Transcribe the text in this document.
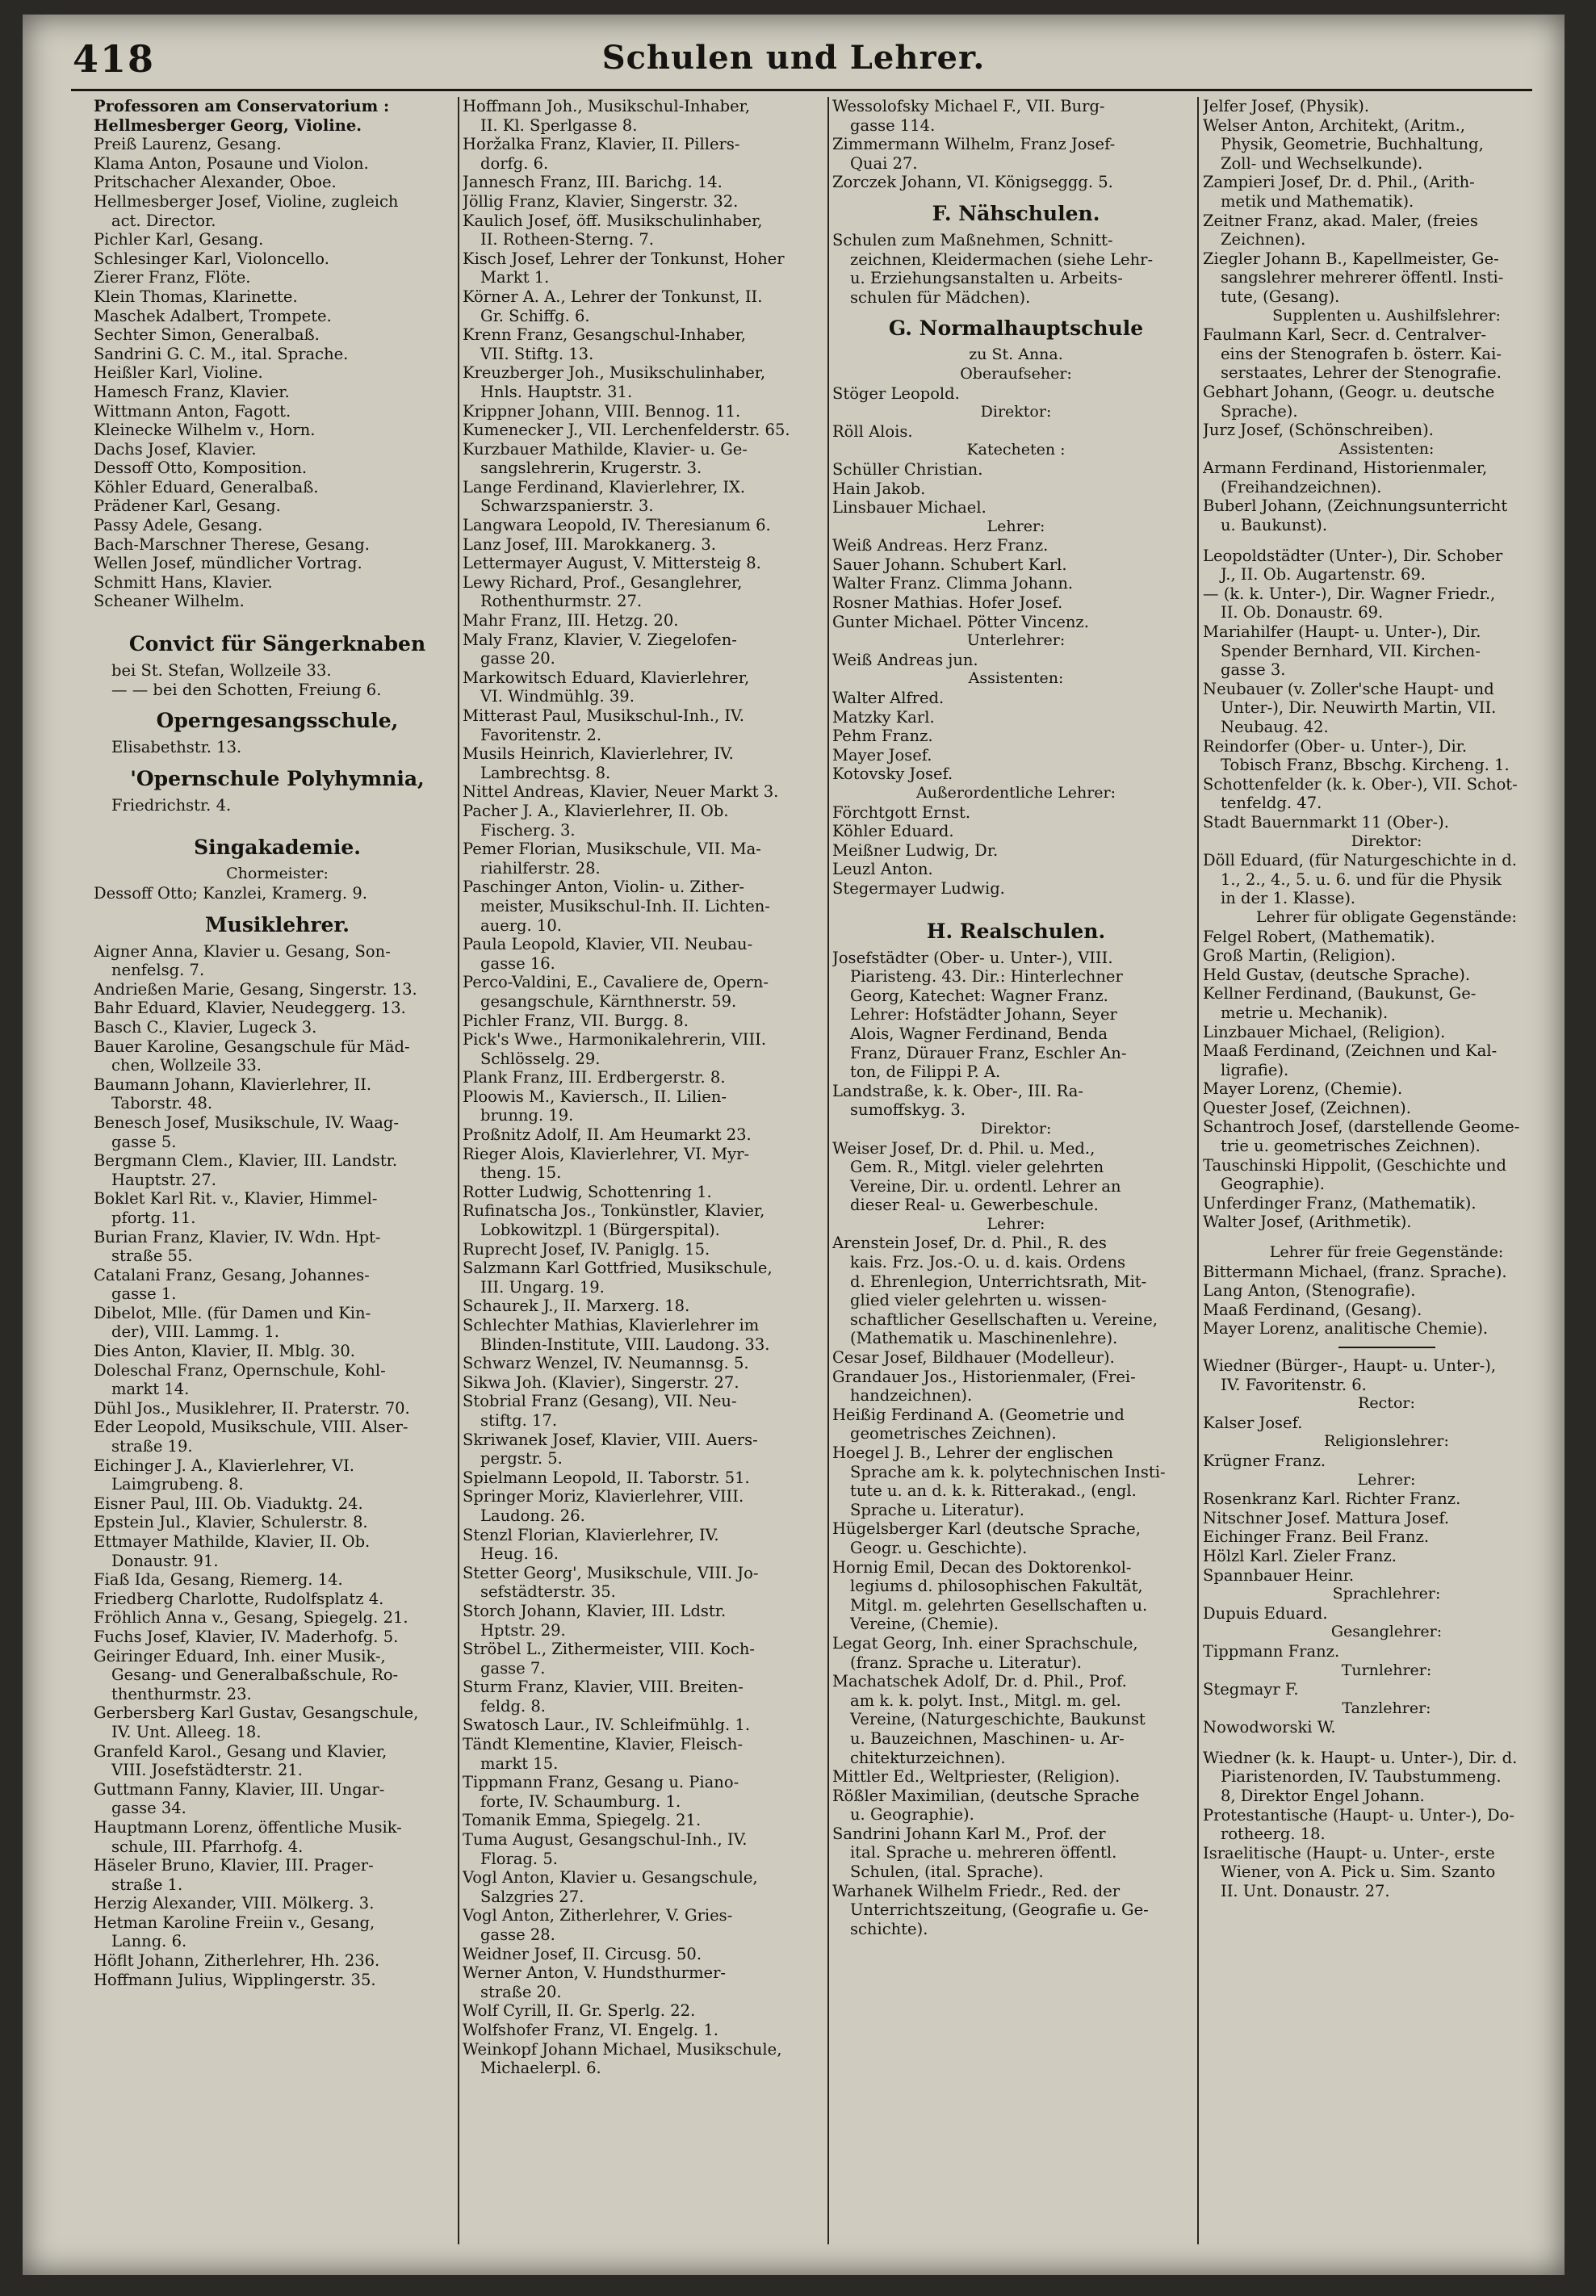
418	Schulen und Lehrer.
Professoren am Conservatorium :
Hellmesberger Georg, Violine.
Preiß Laurenz, Gesang.
Klama Anton, Posaune und Violon.
Pritschacher Alexander, Oboe.
Hellmesberger Josef, Violine, zugleich
act. Director.
Pichler Karl, Gesang.
Schlesinger Karl, Violoncello.
Zierer Franz, Flöte.
Klein Thomas, Klarinette.
Maschek Adalbert, Trompete.
Sechter Simon, Generalbaß.
Sandrini G. C. M., ital. Sprache.
Heißler Karl, Violine.
Hamesch Franz, Klavier.
Wittmann Anton, Fagott.
Kleinecke Wilhelm v., Horn.
Dachs Josef, Klavier.
Dessoff Otto, Komposition.
Köhler Eduard, Generalbaß.
Prädener Karl, Gesang.
Passy Adele, Gesang.
Bach-Marschner Therese, Gesang.
Wellen Josef, mündlicher Vortrag.
Schmitt Hans, Klavier.
Scheaner Wilhelm.
Convict für Sängerknaben
bei St. Stefan, Wollzeile 33.
— — bei den Schotten, Freiung 6.
Operngesangsschule,
Elisabethstr. 13.
'Opernschule Polyhymnia,
Friedrichstr. 4.
Singakademie.
Chormeister:
Dessoff Otto; Kanzlei, Kramerg. 9.
Musiklehrer.
Aigner Anna, Klavier u. Gesang, Son-
nenfelsg. 7.
Andrießen Marie, Gesang, Singerstr. 13.
Bahr Eduard, Klavier, Neudeggerg. 13.
Basch C., Klavier, Lugeck 3.
Bauer Karoline, Gesangschule für Mäd-
chen, Wollzeile 33.
Baumann Johann, Klavierlehrer, II.
Taborstr. 48.
Benesch Josef, Musikschule, IV. Waag-
gasse 5.
Bergmann Clem., Klavier, III. Landstr.
Hauptstr. 27.
Boklet Karl Rit. v., Klavier, Himmel-
pfortg. 11.
Burian Franz, Klavier, IV. Wdn. Hpt-
straße 55.
Catalani Franz, Gesang, Johannes-
gasse 1.
Dibelot, Mlle. (für Damen und Kin-
der), VIII. Lammg. 1.
Dies Anton, Klavier, II. Mblg. 30.
Doleschal Franz, Opernschule, Kohl-
markt 14.
Dühl Jos., Musiklehrer, II. Praterstr. 70.
Eder Leopold, Musikschule, VIII. Alser-
straße 19.
Eichinger J. A., Klavierlehrer, VI.
Laimgrubeng. 8.
Eisner Paul, III. Ob. Viaduktg. 24.
Epstein Jul., Klavier, Schulerstr. 8.
Ettmayer Mathilde, Klavier, II. Ob.
Donaustr. 91.
Fiaß Ida, Gesang, Riemerg. 14.
Friedberg Charlotte, Rudolfsplatz 4.
Fröhlich Anna v., Gesang, Spiegelg. 21.
Fuchs Josef, Klavier, IV. Maderhofg. 5.
Geiringer Eduard, Inh. einer Musik-,
Gesang- und Generalbaßschule, Ro-
thenthurmstr. 23.
Gerbersberg Karl Gustav, Gesangschule,
IV. Unt. Alleeg. 18.
Granfeld Karol., Gesang und Klavier,
VIII. Josefstädterstr. 21.
Guttmann Fanny, Klavier, III. Ungar-
gasse 34.
Hauptmann Lorenz, öffentliche Musik-
schule, III. Pfarrhofg. 4.
Häseler Bruno, Klavier, III. Prager-
straße 1.
Herzig Alexander, VIII. Mölkerg. 3.
Hetman Karoline Freiin v., Gesang,
Lanng. 6.
Höflt Johann, Zitherlehrer, Hh. 236.
Hoffmann Julius, Wipplingerstr. 35.
Hoffmann Joh., Musikschul-Inhaber,
II. Kl. Sperlgasse 8.
Horžalka Franz, Klavier, II. Pillers-
dorfg. 6.
Jannesch Franz, III. Barichg. 14.
Jöllig Franz, Klavier, Singerstr. 32.
Kaulich Josef, öff. Musikschulinhaber,
II. Rotheen-Sterng. 7.
Kisch Josef, Lehrer der Tonkunst, Hoher
Markt 1.
Körner A. A., Lehrer der Tonkunst, II.
Gr. Schiffg. 6.
Krenn Franz, Gesangschul-Inhaber,
VII. Stiftg. 13.
Kreuzberger Joh., Musikschulinhaber,
Hnls. Hauptstr. 31.
Krippner Johann, VIII. Bennog. 11.
Kumenecker J., VII. Lerchenfelderstr. 65.
Kurzbauer Mathilde, Klavier- u. Ge-
sangslehrerin, Krugerstr. 3.
Lange Ferdinand, Klavierlehrer, IX.
Schwarzspanierstr. 3.
Langwara Leopold, IV. Theresianum 6.
Lanz Josef, III. Marokkanerg. 3.
Lettermayer August, V. Mittersteig 8.
Lewy Richard, Prof., Gesanglehrer,
Rothenthurmstr. 27.
Mahr Franz, III. Hetzg. 20.
Maly Franz, Klavier, V. Ziegelofen-
gasse 20.
Markowitsch Eduard, Klavierlehrer,
VI. Windmühlg. 39.
Mitterast Paul, Musikschul-Inh., IV.
Favoritenstr. 2.
Musils Heinrich, Klavierlehrer, IV.
Lambrechtsg. 8.
Nittel Andreas, Klavier, Neuer Markt 3.
Pacher J. A., Klavierlehrer, II. Ob.
Fischerg. 3.
Pemer Florian, Musikschule, VII. Ma-
riahilferstr. 28.
Paschinger Anton, Violin- u. Zither-
meister, Musikschul-Inh. II. Lichten-
auerg. 10.
Paula Leopold, Klavier, VII. Neubau-
gasse 16.
Perco-Valdini, E., Cavaliere de, Opern-
gesangschule, Kärnthnerstr. 59.
Pichler Franz, VII. Burgg. 8.
Pick's Wwe., Harmonikalehrerin, VIII.
Schlösselg. 29.
Plank Franz, III. Erdbergerstr. 8.
Ploowis M., Kaviersch., II. Lilien-
brunng. 19.
Proßnitz Adolf, II. Am Heumarkt 23.
Rieger Alois, Klavierlehrer, VI. Myr-
theng. 15.
Rotter Ludwig, Schottenring 1.
Rufinatscha Jos., Tonkünstler, Klavier,
Lobkowitzpl. 1 (Bürgerspital).
Ruprecht Josef, IV. Paniglg. 15.
Salzmann Karl Gottfried, Musikschule,
III. Ungarg. 19.
Schaurek J., II. Marxerg. 18.
Schlechter Mathias, Klavierlehrer im
Blinden-Institute, VIII. Laudong. 33.
Schwarz Wenzel, IV. Neumannsg. 5.
Sikwa Joh. (Klavier), Singerstr. 27.
Stobrial Franz (Gesang), VII. Neu-
stiftg. 17.
Skriwanek Josef, Klavier, VIII. Auers-
pergstr. 5.
Spielmann Leopold, II. Taborstr. 51.
Springer Moriz, Klavierlehrer, VIII.
Laudong. 26.
Stenzl Florian, Klavierlehrer, IV.
Heug. 16.
Stetter Georg', Musikschule, VIII. Jo-
sefstädterstr. 35.
Storch Johann, Klavier, III. Ldstr.
Hptstr. 29.
Ströbel L., Zithermeister, VIII. Koch-
gasse 7.
Sturm Franz, Klavier, VIII. Breiten-
feldg. 8.
Swatosch Laur., IV. Schleifmühlg. 1.
Tändt Klementine, Klavier, Fleisch-
markt 15.
Tippmann Franz, Gesang u. Piano-
forte, IV. Schaumburg. 1.
Tomanik Emma, Spiegelg. 21.
Tuma August, Gesangschul-Inh., IV.
Florag. 5.
Vogl Anton, Klavier u. Gesangschule,
Salzgries 27.
Vogl Anton, Zitherlehrer, V. Gries-
gasse 28.
Weidner Josef, II. Circusg. 50.
Werner Anton, V. Hundsthurmer-
straße 20.
Wolf Cyrill, II. Gr. Sperlg. 22.
Wolfshofer Franz, VI. Engelg. 1.
Weinkopf Johann Michael, Musikschule,
Michaelerpl. 6.
Wessolofsky Michael F., VII. Burg-
gasse 114.
Zimmermann Wilhelm, Franz Josef-
Quai 27.
Zorczek Johann, VI. Königseggg. 5.
F. Nähschulen.
Schulen zum Maßnehmen, Schnitt-
zeichnen, Kleidermachen (siehe Lehr-
u. Erziehungsanstalten u. Arbeits-
schulen für Mädchen).
G. Normalhauptschule
zu St. Anna.
Oberaufseher:
Stöger Leopold.
Direktor:
Röll Alois.
Katecheten :
Schüller Christian.
Hain Jakob.
Linsbauer Michael.
Lehrer:
Weiß Andreas. Herz Franz.
Sauer Johann. Schubert Karl.
Walter Franz. Climma Johann.
Rosner Mathias. Hofer Josef.
Gunter Michael. Pötter Vincenz.
Unterlehrer:
Weiß Andreas jun.
Assistenten:
Walter Alfred.
Matzky Karl.
Pehm Franz.
Mayer Josef.
Kotovsky Josef.
Außerordentliche Lehrer:
Förchtgott Ernst.
Köhler Eduard.
Meißner Ludwig, Dr.
Leuzl Anton.
Stegermayer Ludwig.
H. Realschulen.
Josefstädter (Ober- u. Unter-), VIII.
Piaristeng. 43. Dir.: Hinterlechner
Georg, Katechet: Wagner Franz.
Lehrer: Hofstädter Johann, Seyer
Alois, Wagner Ferdinand, Benda
Franz, Dürauer Franz, Eschler An-
ton, de Filippi P. A.
Landstraße, k. k. Ober-, III. Ra-
sumoffskyg. 3.
Direktor:
Weiser Josef, Dr. d. Phil. u. Med.,
Gem. R., Mitgl. vieler gelehrten
Vereine, Dir. u. ordentl. Lehrer an
dieser Real- u. Gewerbeschule.
Lehrer:
Arenstein Josef, Dr. d. Phil., R. des
kais. Frz. Jos.-O. u. d. kais. Ordens
d. Ehrenlegion, Unterrichtsrath, Mit-
glied vieler gelehrten u. wissen-
schaftlicher Gesellschaften u. Vereine,
(Mathematik u. Maschinenlehre).
Cesar Josef, Bildhauer (Modelleur).
Grandauer Jos., Historienmaler, (Frei-
handzeichnen).
Heißig Ferdinand A. (Geometrie und
geometrisches Zeichnen).
Hoegel J. B., Lehrer der englischen
Sprache am k. k. polytechnischen Insti-
tute u. an d. k. k. Ritterakad., (engl.
Sprache u. Literatur).
Hügelsberger Karl (deutsche Sprache,
Geogr. u. Geschichte).
Hornig Emil, Decan des Doktorenkol-
legiums d. philosophischen Fakultät,
Mitgl. m. gelehrten Gesellschaften u.
Vereine, (Chemie).
Legat Georg, Inh. einer Sprachschule,
(franz. Sprache u. Literatur).
Machatschek Adolf, Dr. d. Phil., Prof.
am k. k. polyt. Inst., Mitgl. m. gel.
Vereine, (Naturgeschichte, Baukunst
u. Bauzeichnen, Maschinen- u. Ar-
chitekturzeichnen).
Mittler Ed., Weltpriester, (Religion).
Rößler Maximilian, (deutsche Sprache
u. Geographie).
Sandrini Johann Karl M., Prof. der
ital. Sprache u. mehreren öffentl.
Schulen, (ital. Sprache).
Warhanek Wilhelm Friedr., Red. der
Unterrichtszeitung, (Geografie u. Ge-
schichte).
Jelfer Josef, (Physik).
Welser Anton, Architekt, (Aritm.,
Physik, Geometrie, Buchhaltung,
Zoll- und Wechselkunde).
Zampieri Josef, Dr. d. Phil., (Arith-
metik und Mathematik).
Zeitner Franz, akad. Maler, (freies
Zeichnen).
Ziegler Johann B., Kapellmeister, Ge-
sangslehrer mehrerer öffentl. Insti-
tute, (Gesang).
Supplenten u. Aushilfslehrer:
Faulmann Karl, Secr. d. Centralver-
eins der Stenografen b. österr. Kai-
serstaates, Lehrer der Stenografie.
Gebhart Johann, (Geogr. u. deutsche
Sprache).
Jurz Josef, (Schönschreiben).
Assistenten:
Armann Ferdinand, Historienmaler,
(Freihandzeichnen).
Buberl Johann, (Zeichnungsunterricht
u. Baukunst).
Leopoldstädter (Unter-), Dir. Schober
J., II. Ob. Augartenstr. 69.
— (k. k. Unter-), Dir. Wagner Friedr.,
II. Ob. Donaustr. 69.
Mariahilfer (Haupt- u. Unter-), Dir.
Spender Bernhard, VII. Kirchen-
gasse 3.
Neubauer (v. Zoller'sche Haupt- und
Unter-), Dir. Neuwirth Martin, VII.
Neubaug. 42.
Reindorfer (Ober- u. Unter-), Dir.
Tobisch Franz, Bbschg. Kircheng. 1.
Schottenfelder (k. k. Ober-), VII. Schot-
tenfeldg. 47.
Stadt Bauernmarkt 11 (Ober-).
Direktor:
Döll Eduard, (für Naturgeschichte in d.
1., 2., 4., 5. u. 6. und für die Physik
in der 1. Klasse).
Lehrer für obligate Gegenstände:
Felgel Robert, (Mathematik).
Groß Martin, (Religion).
Held Gustav, (deutsche Sprache).
Kellner Ferdinand, (Baukunst, Ge-
metrie u. Mechanik).
Linzbauer Michael, (Religion).
Maaß Ferdinand, (Zeichnen und Kal-
ligrafie).
Mayer Lorenz, (Chemie).
Quester Josef, (Zeichnen).
Schantroch Josef, (darstellende Geome-
trie u. geometrisches Zeichnen).
Tauschinski Hippolit, (Geschichte und
Geographie).
Unferdinger Franz, (Mathematik).
Walter Josef, (Arithmetik).
Lehrer für freie Gegenstände:
Bittermann Michael, (franz. Sprache).
Lang Anton, (Stenografie).
Maaß Ferdinand, (Gesang).
Mayer Lorenz, analitische Chemie).
Wiedner (Bürger-, Haupt- u. Unter-),
IV. Favoritenstr. 6.
Rector:
Kalser Josef.
Religionslehrer:
Krügner Franz.
Lehrer:
Rosenkranz Karl. Richter Franz.
Nitschner Josef. Mattura Josef.
Eichinger Franz. Beil Franz.
Hölzl Karl. Zieler Franz.
Spannbauer Heinr.
Sprachlehrer:
Dupuis Eduard.
Gesanglehrer:
Tippmann Franz.
Turnlehrer:
Stegmayr F.
Tanzlehrer:
Nowodworski W.
Wiedner (k. k. Haupt- u. Unter-), Dir. d.
Piaristenorden, IV. Taubstummeng.
8, Direktor Engel Johann.
Protestantische (Haupt- u. Unter-), Do-
rotheerg. 18.
Israelitische (Haupt- u. Unter-, erste
Wiener, von A. Pick u. Sim. Szanto
II. Unt. Donaustr. 27.
